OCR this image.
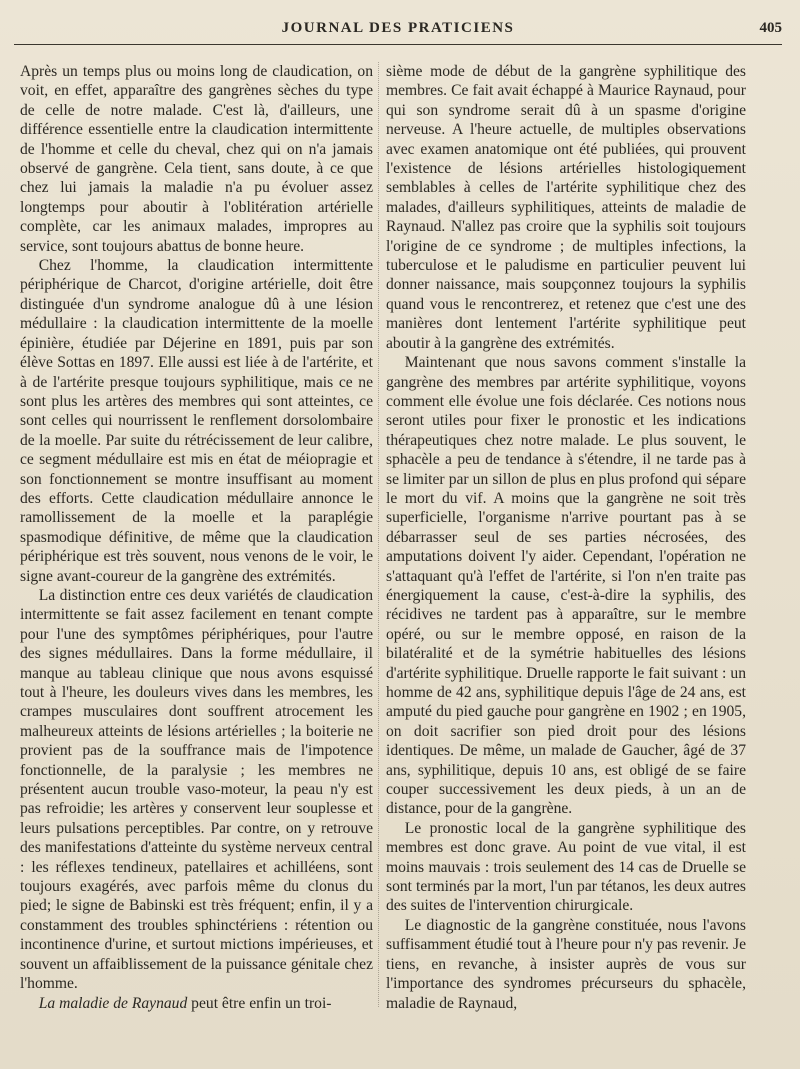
JOURNAL DES PRATICIENS	405

Après un temps plus ou moins long de claudication, on voit, en effet, apparaître des gangrènes sèches du type de celle de notre malade. C'est là, d'ailleurs, une différence essentielle entre la claudication intermittente de l'homme et celle du cheval, chez qui on n'a jamais observé de gangrène. Cela tient, sans doute, à ce que chez lui jamais la maladie n'a pu évoluer assez longtemps pour aboutir à l'oblitération artérielle complète, car les animaux malades, impropres au service, sont toujours abattus de bonne heure.

Chez l'homme, la claudication intermittente périphérique de Charcot, d'origine artérielle, doit être distinguée d'un syndrome analogue dû à une lésion médullaire : la claudication intermittente de la moelle épinière, étudiée par Déjerine en 1891, puis par son élève Sottas en 1897. Elle aussi est liée à de l'artérite, et à de l'artérite presque toujours syphilitique, mais ce ne sont plus les artères des membres qui sont atteintes, ce sont celles qui nourrissent le renflement dorsolombaire de la moelle. Par suite du rétrécissement de leur calibre, ce segment médullaire est mis en état de méiopragie et son fonctionnement se montre insuffisant au moment des efforts. Cette claudication médullaire annonce le ramollissement de la moelle et la paraplégie spasmodique définitive, de même que la claudication périphérique est très souvent, nous venons de le voir, le signe avant-coureur de la gangrène des extrémités.

La distinction entre ces deux variétés de claudication intermittente se fait assez facilement en tenant compte pour l'une des symptômes périphériques, pour l'autre des signes médullaires. Dans la forme médullaire, il manque au tableau clinique que nous avons esquissé tout à l'heure, les douleurs vives dans les membres, les crampes musculaires dont souffrent atrocement les malheureux atteints de lésions artérielles ; la boiterie ne provient pas de la souffrance mais de l'impotence fonctionnelle, de la paralysie ; les membres ne présentent aucun trouble vaso-moteur, la peau n'y est pas refroidie; les artères y conservent leur souplesse et leurs pulsations perceptibles. Par contre, on y retrouve des manifestations d'atteinte du système nerveux central : les réflexes tendineux, patellaires et achilléens, sont toujours exagérés, avec parfois même du clonus du pied; le signe de Babinski est très fréquent; enfin, il y a constamment des troubles sphinctériens : rétention ou incontinence d'urine, et surtout mictions impérieuses, et souvent un affaiblissement de la puissance génitale chez l'homme.

La maladie de Raynaud peut être enfin un troi-

sième mode de début de la gangrène syphilitique des membres. Ce fait avait échappé à Maurice Raynaud, pour qui son syndrome serait dû à un spasme d'origine nerveuse. A l'heure actuelle, de multiples observations avec examen anatomique ont été publiées, qui prouvent l'existence de lésions artérielles histologiquement semblables à celles de l'artérite syphilitique chez des malades, d'ailleurs syphilitiques, atteints de maladie de Raynaud. N'allez pas croire que la syphilis soit toujours l'origine de ce syndrome ; de multiples infections, la tuberculose et le paludisme en particulier peuvent lui donner naissance, mais soupçonnez toujours la syphilis quand vous le rencontrerez, et retenez que c'est une des manières dont lentement l'artérite syphilitique peut aboutir à la gangrène des extrémités.

Maintenant que nous savons comment s'installe la gangrène des membres par artérite syphilitique, voyons comment elle évolue une fois déclarée. Ces notions nous seront utiles pour fixer le pronostic et les indications thérapeutiques chez notre malade. Le plus souvent, le sphacèle a peu de tendance à s'étendre, il ne tarde pas à se limiter par un sillon de plus en plus profond qui sépare le mort du vif. A moins que la gangrène ne soit très superficielle, l'organisme n'arrive pourtant pas à se débarrasser seul de ses parties nécrosées, des amputations doivent l'y aider. Cependant, l'opération ne s'attaquant qu'à l'effet de l'artérite, si l'on n'en traite pas énergiquement la cause, c'est-à-dire la syphilis, des récidives ne tardent pas à apparaître, sur le membre opéré, ou sur le membre opposé, en raison de la bilatéralité et de la symétrie habituelles des lésions d'artérite syphilitique. Druelle rapporte le fait suivant : un homme de 42 ans, syphilitique depuis l'âge de 24 ans, est amputé du pied gauche pour gangrène en 1902 ; en 1905, on doit sacrifier son pied droit pour des lésions identiques. De même, un malade de Gaucher, âgé de 37 ans, syphilitique, depuis 10 ans, est obligé de se faire couper successivement les deux pieds, à un an de distance, pour de la gangrène.

Le pronostic local de la gangrène syphilitique des membres est donc grave. Au point de vue vital, il est moins mauvais : trois seulement des 14 cas de Druelle se sont terminés par la mort, l'un par tétanos, les deux autres des suites de l'intervention chirurgicale.

Le diagnostic de la gangrène constituée, nous l'avons suffisamment étudié tout à l'heure pour n'y pas revenir. Je tiens, en revanche, à insister auprès de vous sur l'importance des syndromes précurseurs du sphacèle, maladie de Raynaud,
